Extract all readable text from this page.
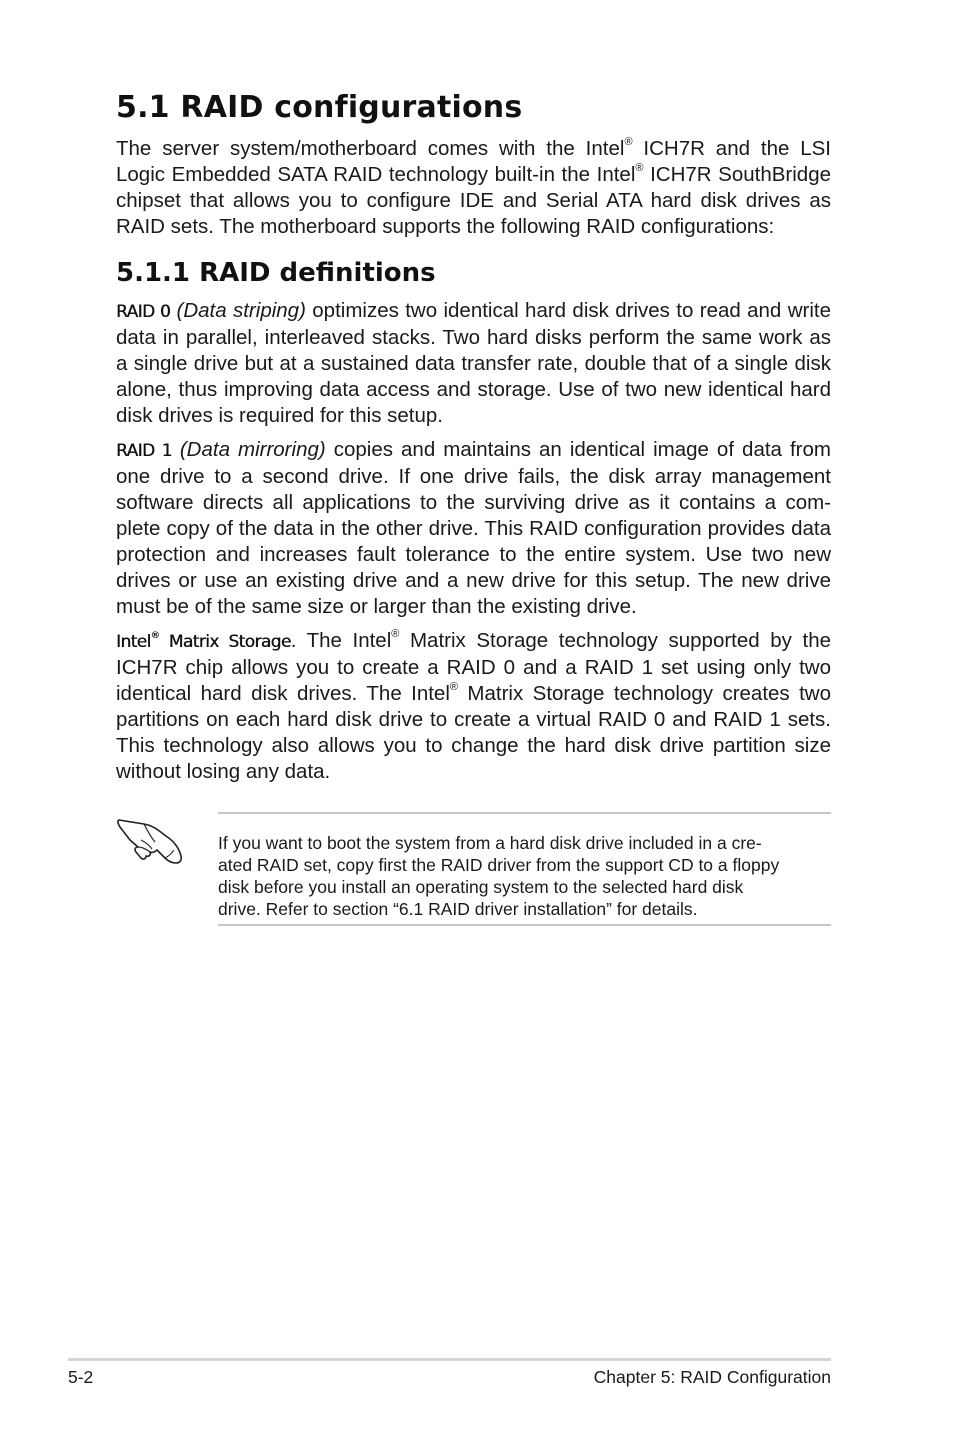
5.1 RAID configurations

The server system/motherboard comes with the Intel® ICH7R and the LSI Logic Embedded SATA RAID technology built-in the Intel® ICH7R SouthBridge chipset that allows you to configure IDE and Serial ATA hard disk drives as RAID sets. The motherboard supports the following RAID configurations:

5.1.1 RAID definitions

RAID 0 (Data striping) optimizes two identical hard disk drives to read and write data in parallel, interleaved stacks. Two hard disks perform the same work as a single drive but at a sustained data transfer rate, double that of a single disk alone, thus improving data access and storage. Use of two new identical hard disk drives is required for this setup.

RAID 1 (Data mirroring) copies and maintains an identical image of data from one drive to a second drive. If one drive fails, the disk array management software directs all applications to the surviving drive as it contains a com-plete copy of the data in the other drive. This RAID configuration provides data protection and increases fault tolerance to the entire system. Use two new drives or use an existing drive and a new drive for this setup. The new drive must be of the same size or larger than the existing drive.

Intel® Matrix Storage. The Intel® Matrix Storage technology supported by the ICH7R chip allows you to create a RAID 0 and a RAID 1 set using only two identical hard disk drives. The Intel® Matrix Storage technology creates two partitions on each hard disk drive to create a virtual RAID 0 and RAID 1 sets. This technology also allows you to change the hard disk drive partition size without losing any data.

If you want to boot the system from a hard disk drive included in a cre-
ated RAID set, copy first the RAID driver from the support CD to a floppy
disk before you install an operating system to the selected hard disk
drive. Refer to section “6.1 RAID driver installation” for details.
5-2	Chapter 5: RAID Configuration
